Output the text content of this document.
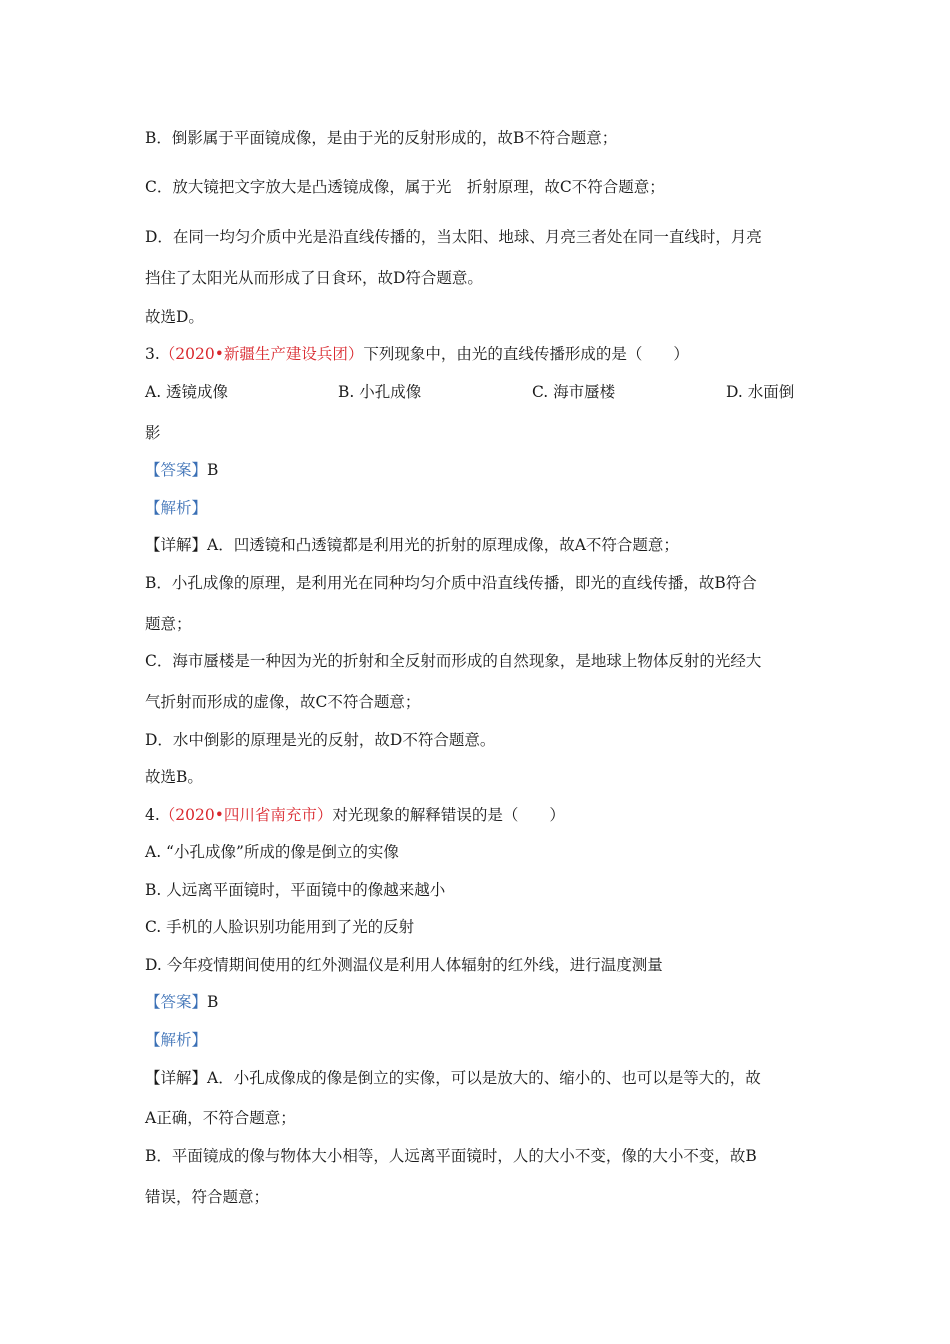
B．倒影属于平面镜成像，是由于光的反射形成的，故B不符合题意；
C．放大镜把文字放大是凸透镜成像，属于光　折射原理，故C不符合题意；
D．在同一均匀介质中光是沿直线传播的，当太阳、地球、月亮三者处在同一直线时，月亮
挡住了太阳光从而形成了日食环，故D符合题意。
故选D。
3.（2020•新疆生产建设兵团）下列现象中，由光的直线传播形成的是（　　）
A. 透镜成像	B. 小孔成像	C. 海市蜃楼	D. 水面倒
影
【答案】B
【解析】
【详解】A．凹透镜和凸透镜都是利用光的折射的原理成像，故A不符合题意；
B．小孔成像的原理，是利用光在同种均匀介质中沿直线传播，即光的直线传播，故B符合
题意；
C．海市蜃楼是一种因为光的折射和全反射而形成的自然现象，是地球上物体反射的光经大
气折射而形成的虚像，故C不符合题意；
D．水中倒影的原理是光的反射，故D不符合题意。
故选B。
4.（2020•四川省南充市）对光现象的解释错误的是（　　）
A. “小孔成像”所成的像是倒立的实像
B. 人远离平面镜时，平面镜中的像越来越小
C. 手机的人脸识别功能用到了光的反射
D. 今年疫情期间使用的红外测温仪是利用人体辐射的红外线，进行温度测量
【答案】B
【解析】
【详解】A．小孔成像成的像是倒立的实像，可以是放大的、缩小的、也可以是等大的，故
A正确，不符合题意；
B．平面镜成的像与物体大小相等，人远离平面镜时，人的大小不变，像的大小不变，故B
错误，符合题意；
